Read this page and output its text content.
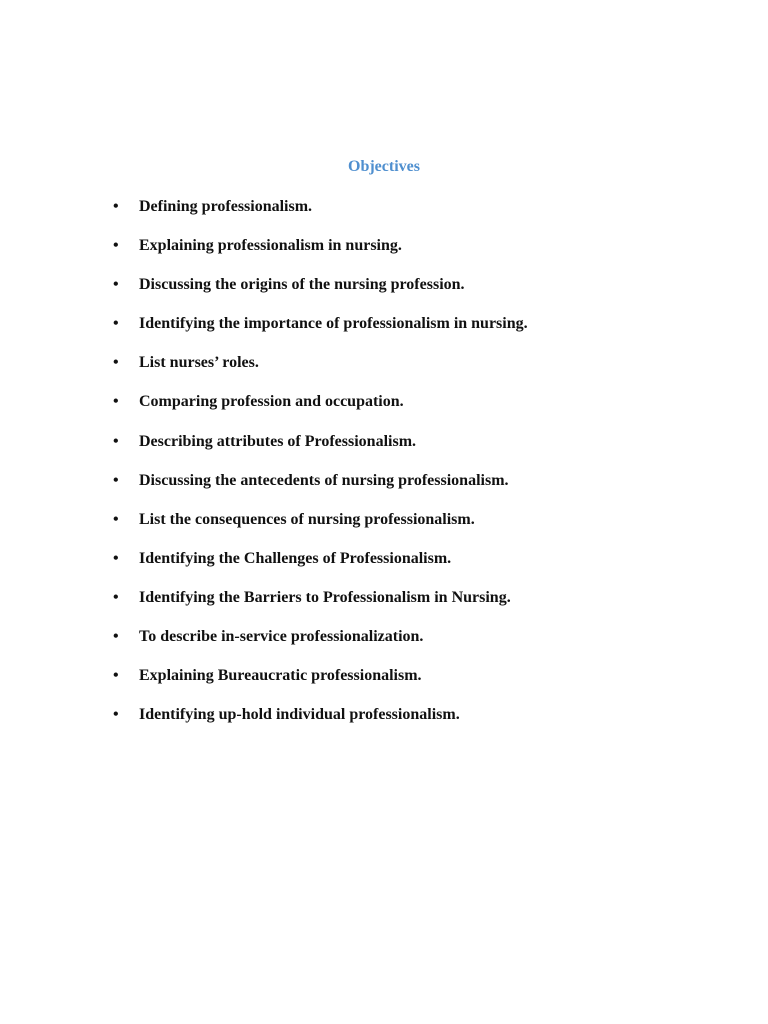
Objectives
•	Defining professionalism.
•	Explaining professionalism in nursing.
•	Discussing the origins of the nursing profession.
•	Identifying the importance of professionalism in nursing.
•	List nurses’ roles.
•	Comparing profession and occupation.
•	Describing attributes of Professionalism.
•	Discussing the antecedents of nursing professionalism.
•	List the consequences of nursing professionalism.
•	Identifying the Challenges of Professionalism.
•	Identifying the Barriers to Professionalism in Nursing.
•	To describe in-service professionalization.
•	Explaining Bureaucratic professionalism.
•	Identifying up-hold individual professionalism.
